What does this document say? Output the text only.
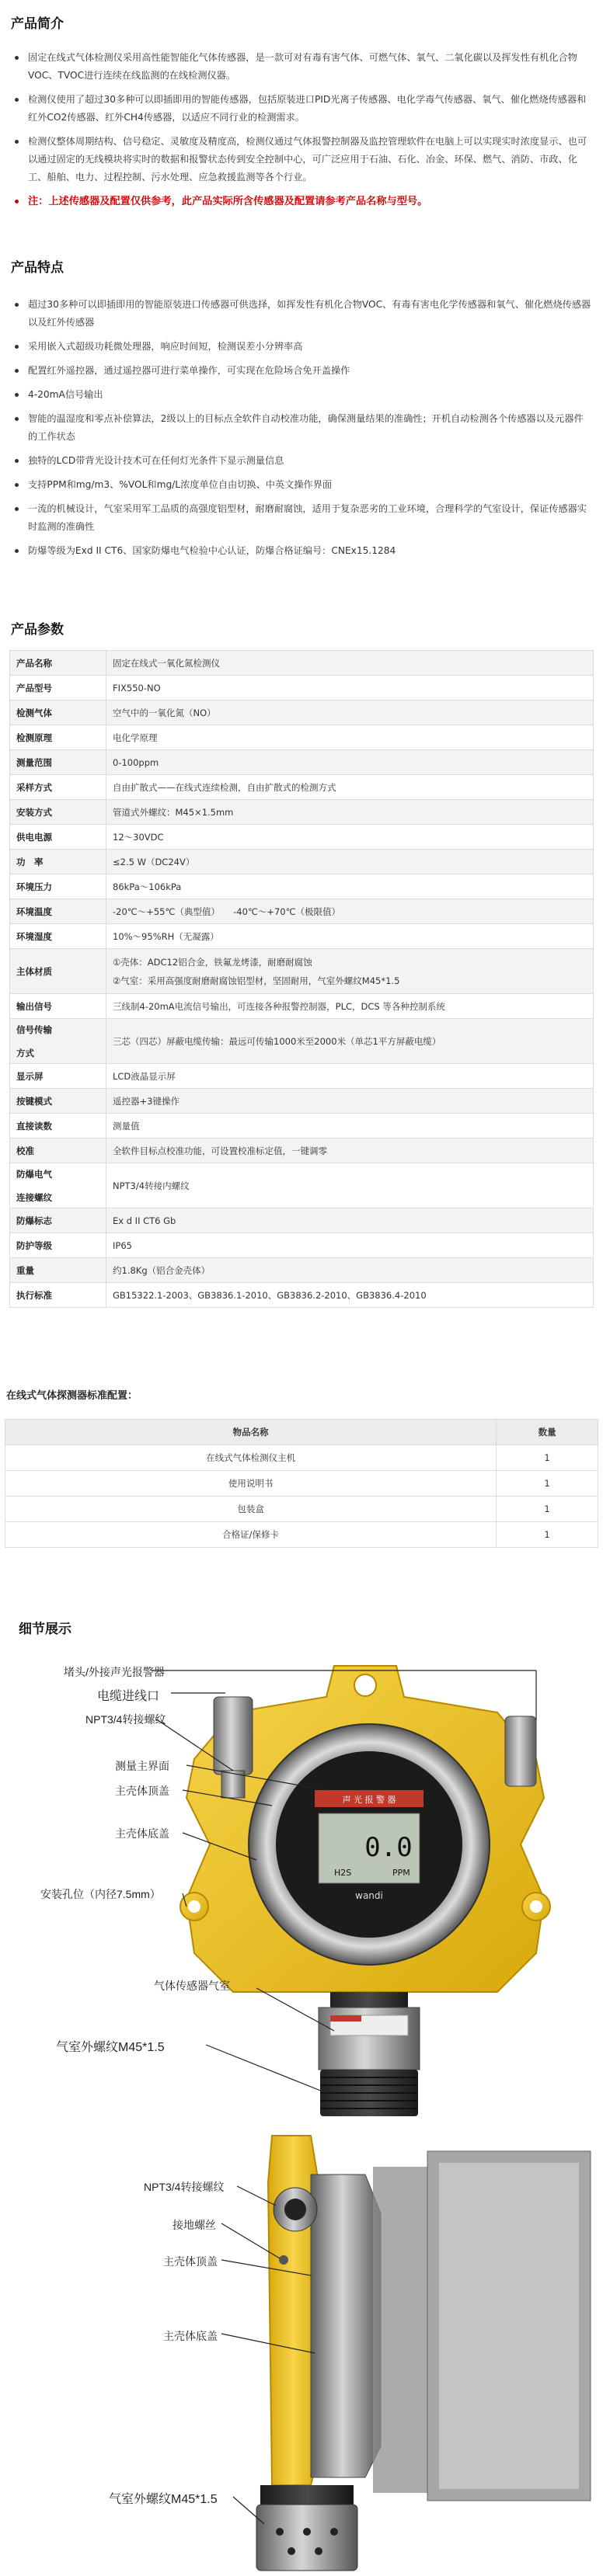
产品简介
固定在线式气体检测仪采用高性能智能化气体传感器，是一款可对有毒有害气体、可燃气体、氧气、二氧化碳以及挥发性有机化合物VOC、TVOC进行连续在线监测的在线检测仪器。
检测仪使用了超过30多种可以即插即用的智能传感器，包括原装进口PID光离子传感器、电化学毒气传感器、氧气、催化燃烧传感器和红外CO2传感器、红外CH4传感器，以适应不同行业的检测需求。
检测仪整体周期结构、信号稳定、灵敏度及精度高，检测仪通过气体报警控制器及监控管理软件在电脑上可以实现实时浓度显示、也可以通过固定的无线模块将实时的数据和报警状态传到安全控制中心，可广泛应用于石油、石化、冶金、环保、燃气、消防、市政、化工、船舶、电力、过程控制、污水处理、应急救援监测等各个行业。
注：上述传感器及配置仅供参考，此产品实际所含传感器及配置请参考产品名称与型号。
产品特点
超过30多种可以即插即用的智能原装进口传感器可供选择，如挥发性有机化合物VOC、有毒有害电化学传感器和氧气、催化燃烧传感器以及红外传感器
采用嵌入式超级功耗微处理器，响应时间短，检测误差小分辨率高
配置红外遥控器，通过遥控器可进行菜单操作，可实现在危险场合免开盖操作
4-20mA信号输出
智能的温湿度和零点补偿算法，2级以上的目标点全软件自动校准功能，确保测量结果的准确性；开机自动检测各个传感器以及元器件的工作状态
独特的LCD带背光设计技术可在任何灯光条件下显示测量信息
支持PPM和mg/m3、%VOL和mg/L浓度单位自由切换、中英文操作界面
一流的机械设计，气室采用军工品质的高强度铝型材，耐磨耐腐蚀，适用于复杂恶劣的工业环境，合理科学的气室设计，保证传感器实时监测的准确性
防爆等级为Exd II CT6、国家防爆电气检验中心认证，防爆合格证编号：CNEx15.1284
产品参数
产品名称	固定在线式一氧化氮检测仪

产品型号	FIX550-NO

检测气体	空气中的一氧化氮（NO）

检测原理	电化学原理

测量范围	0-100ppm

采样方式	自由扩散式——在线式连续检测，自由扩散式的检测方式

安装方式	管道式外螺纹：M45×1.5mm

供电电源	12～30VDC

功　率	≤2.5 W（DC24V）

环境压力	86kPa～106kPa

环境温度	-20℃～+55℃（典型值）　　-40℃～+70℃（极限值）

环境湿度	10%～95%RH（无凝露）

主体材质	①壳体：ADC12铝合金，铁氟龙烤漆，耐磨耐腐蚀
②气室：采用高强度耐磨耐腐蚀铝型材，坚固耐用，气室外螺纹M45*1.5

输出信号	三线制4-20mA电流信号输出，可连接各种报警控制器，PLC，DCS 等各种控制系统

信号传输
方式	三芯（四芯）屏蔽电缆传输：最远可传输1000米至2000米（单芯1平方屏蔽电缆）

显示屏	LCD液晶显示屏

按键模式	遥控器+3键操作

直接读数	测量值

校准	全软件目标点校准功能，可设置校准标定值，一键调零

防爆电气
连接螺纹	NPT3/4转接内螺纹

防爆标志	Ex d II CT6 Gb

防护等级	IP65

重量	约1.8Kg（铝合金壳体）

执行标准	GB15322.1-2003、GB3836.1-2010、GB3836.2-2010、GB3836.4-2010
在线式气体探测器标准配置：
物品名称	数量
在线式气体检测仪主机	1
使用说明书	1
包装盒	1
合格证/保修卡	1
细节展示
声 光 报 警 器
0.0
H2S	PPM
wandi
堵头/外接声光报警器
电缆进线口
NPT3/4转接螺纹
测量主界面
主壳体顶盖
主壳体底盖
安装孔位（内径7.5mm）
气体传感器气室
气室外螺纹M45*1.5
NPT3/4转接螺纹
接地螺丝
主壳体顶盖
主壳体底盖
气室外螺纹M45*1.5
